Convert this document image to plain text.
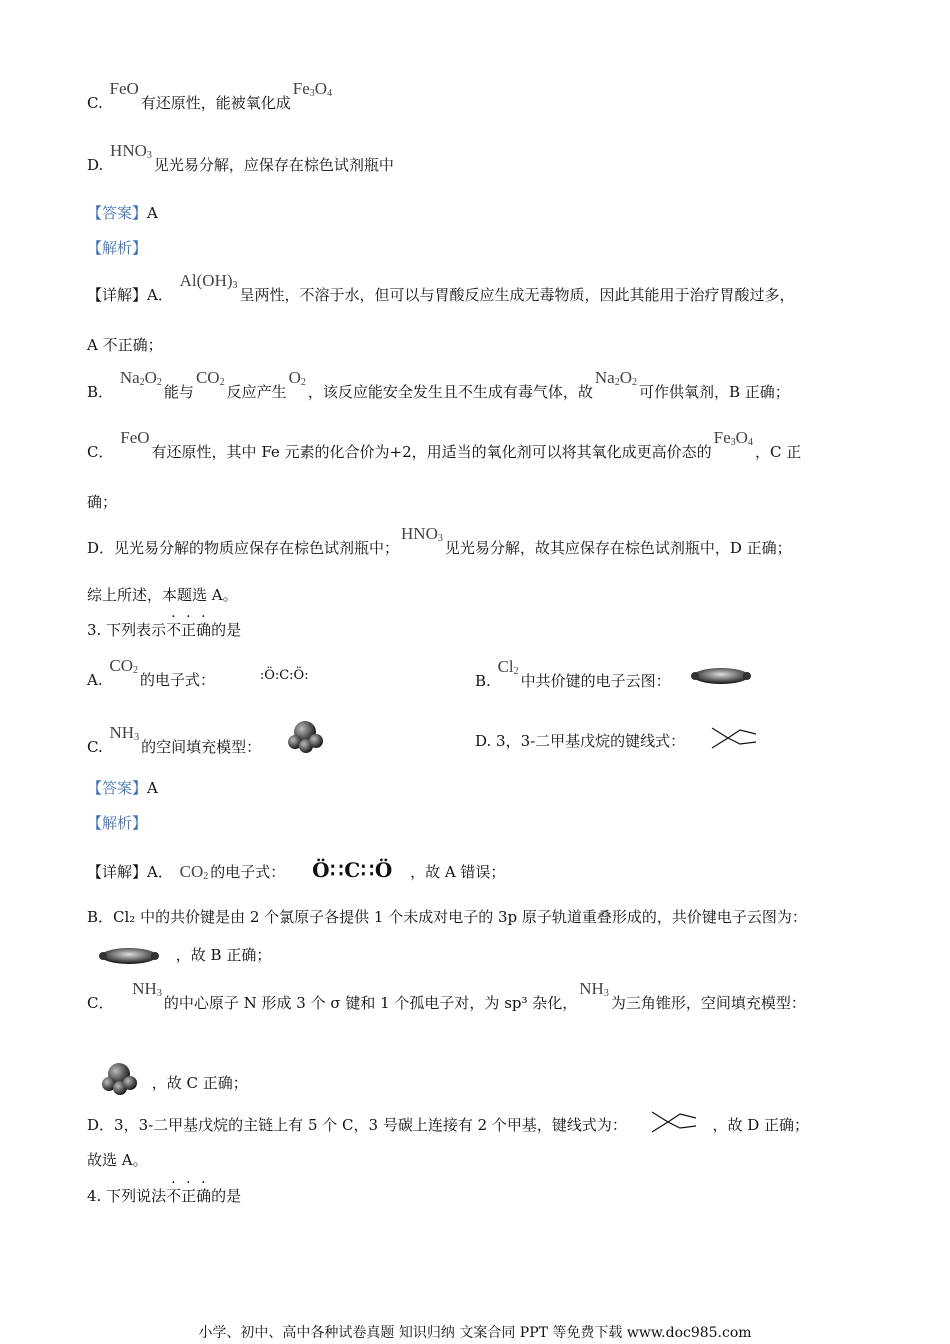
C. FeO有还原性，能被氧化成$Fe_3O_4$
D. $HNO_3$见光易分解，应保存在棕色试剂瓶中
【答案】A
【解析】
【详解】A． $Al(OH)_3$呈两性，不溶于水，但可以与胃酸反应生成无毒物质，因此其能用于治疗胃酸过多，
A 不正确；
B． $Na_2O_2$能与$CO_2$反应产生$O_2$，该反应能安全发生且不生成有毒气体，故$Na_2O_2$可作供氧剂，B 正确；
C． FeO有还原性，其中 Fe 元素的化合价为+2，用适当的氧化剂可以将其氧化成更高价态的$Fe_3O_4$，C 正
确；
D．见光易分解的物质应保存在棕色试剂瓶中；$HNO_3$见光易分解，故其应保存在棕色试剂瓶中，D 正确；
综上所述，本题选 A。
3. 下列表示不正确的是
A. $CO_2$的电子式：	:Ö:C:Ö:	B. $Cl_2$中共价键的电子云图：
C. $NH_3$的空间填充模型：	D. 3，3-二甲基戊烷的键线式：
【答案】A
【解析】
【详解】A． $CO_2$ 的电子式： Ö∷C∷Ö ，故 A 错误；
B．Cl₂ 中的共价键是由 2 个氯原子各提供 1 个未成对电子的 3p 原子轨道重叠形成的，共价键电子云图为：
，故 B 正确；
C． $NH_3$的中心原子 N 形成 3 个 σ 键和 1 个孤电子对，为 sp³ 杂化，$NH_3$为三角锥形，空间填充模型：
，故 C 正确；
D．3，3-二甲基戊烷的主链上有 5 个 C，3 号碳上连接有 2 个甲基，键线式为：	，故 D 正确；
故选 A。
4. 下列说法不正确的是
小学、初中、高中各种试卷真题 知识归纳 文案合同 PPT 等免费下载 www.doc985.com
